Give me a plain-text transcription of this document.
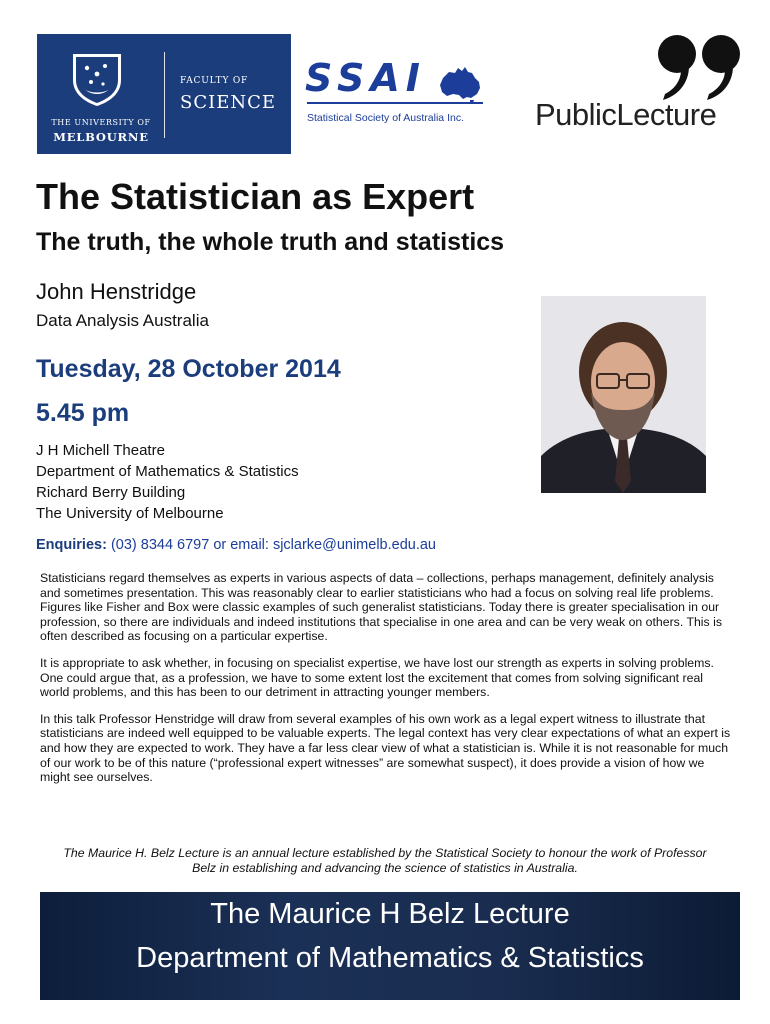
THE UNIVERSITY OF
MELBOURNE
FACULTY OF
SCIENCE
SSAI
Statistical Society of Australia Inc. PublicLecture
The Statistician as Expert
The truth, the whole truth and statistics
John Henstridge
Data Analysis Australia
Tuesday, 28 October 2014
5.45 pm
J H Michell Theatre
Department of Mathematics & Statistics
Richard Berry Building
The University of Melbourne
Enquiries: (03) 8344 6797 or email: sjclarke@unimelb.edu.au

Statisticians regard themselves as experts in various aspects of data – collections, perhaps management, definitely analysis and sometimes presentation. This was reasonably clear to earlier statisticians who had a focus on solving real life problems. Figures like Fisher and Box were classic examples of such generalist statisticians. Today there is greater specialisation in our profession, so there are individuals and indeed institutions that specialise in one area and can be very weak on others. This is often described as focusing on a particular expertise.

It is appropriate to ask whether, in focusing on specialist expertise, we have lost our strength as experts in solving problems. One could argue that, as a profession, we have to some extent lost the excitement that comes from solving significant real world problems, and this has been to our detriment in attracting younger members.

In this talk Professor Henstridge will draw from several examples of his own work as a legal expert witness to illustrate that statisticians are indeed well equipped to be valuable experts. The legal context has very clear expectations of what an expert is and how they are expected to work. They have a far less clear view of what a statistician is. While it is not reasonable for much of our work to be of this nature (“professional expert witnesses” are somewhat suspect), it does provide a vision of how we might see ourselves.

The Maurice H. Belz Lecture is an annual lecture established by the Statistical Society to honour the work of Professor Belz in establishing and advancing the science of statistics in Australia.
The Maurice H Belz Lecture
Department of Mathematics & Statistics
